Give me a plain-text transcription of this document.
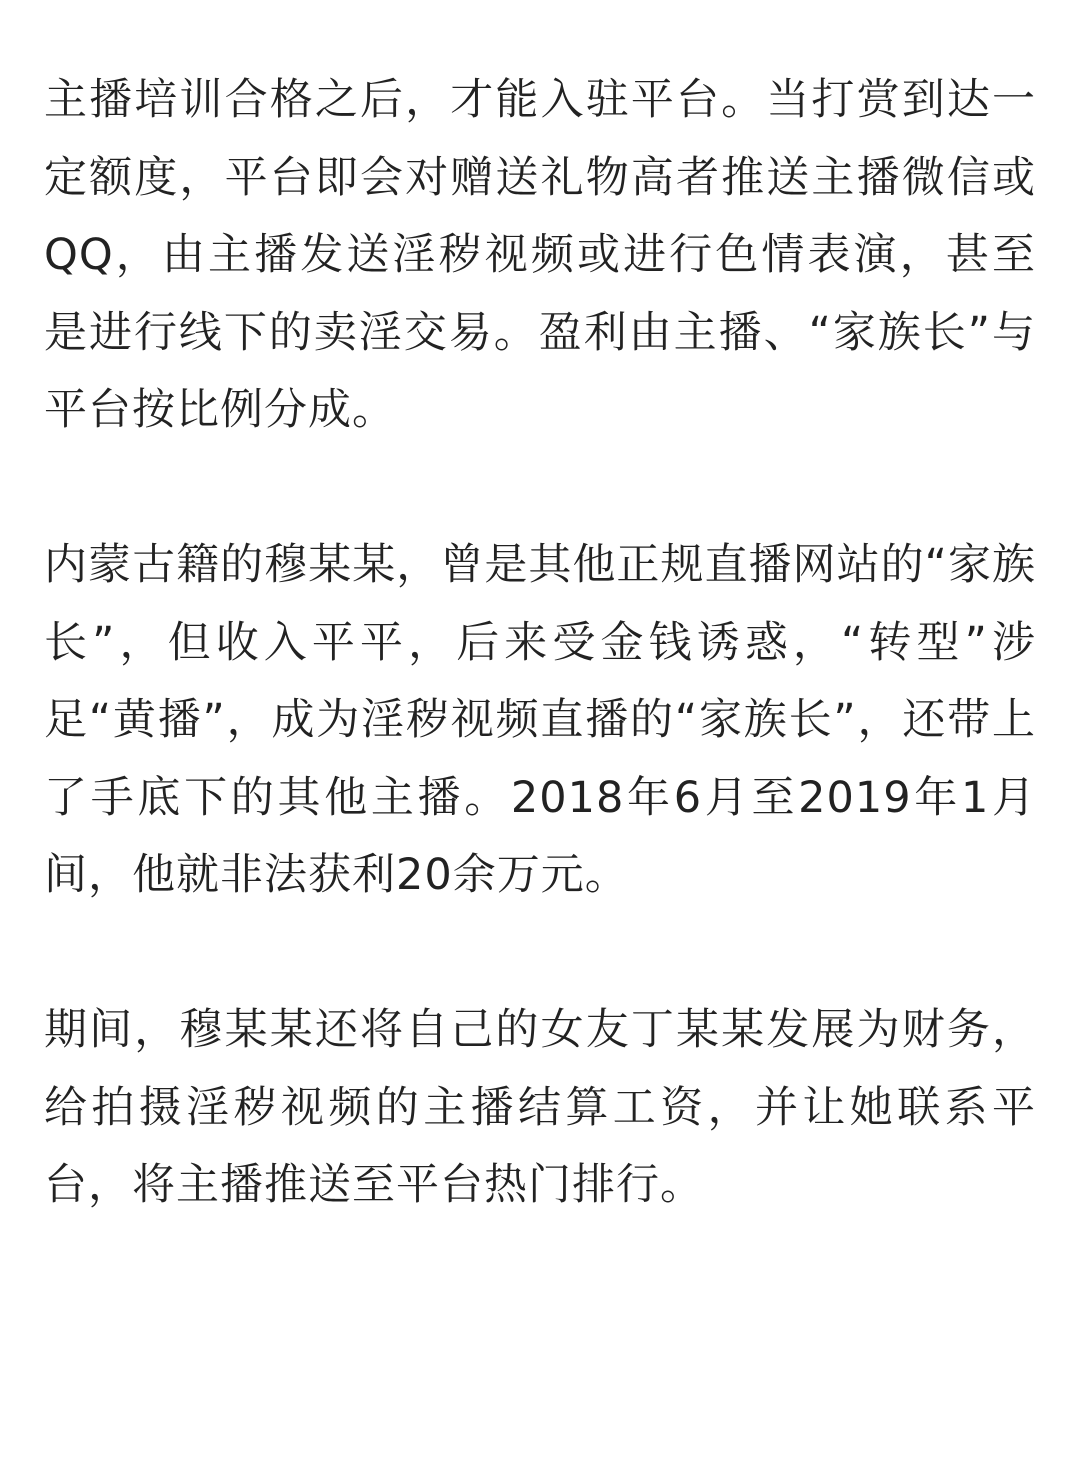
主播培训合格之后，才能入驻平台。当打赏到达一定额度，平台即会对赠送礼物高者推送主播微信或QQ，由主播发送淫秽视频或进行色情表演，甚至是进行线下的卖淫交易。盈利由主播、“家族长”与平台按比例分成。

内蒙古籍的穆某某，曾是其他正规直播网站的“家族长”，但收入平平，后来受金钱诱惑，“转型”涉足“黄播”，成为淫秽视频直播的“家族长”，还带上了手底下的其他主播。2018年6月至2019年1月间，他就非法获利20余万元。

期间，穆某某还将自己的女友丁某某发展为财务，给拍摄淫秽视频的主播结算工资，并让她联系平台，将主播推送至平台热门排行。
